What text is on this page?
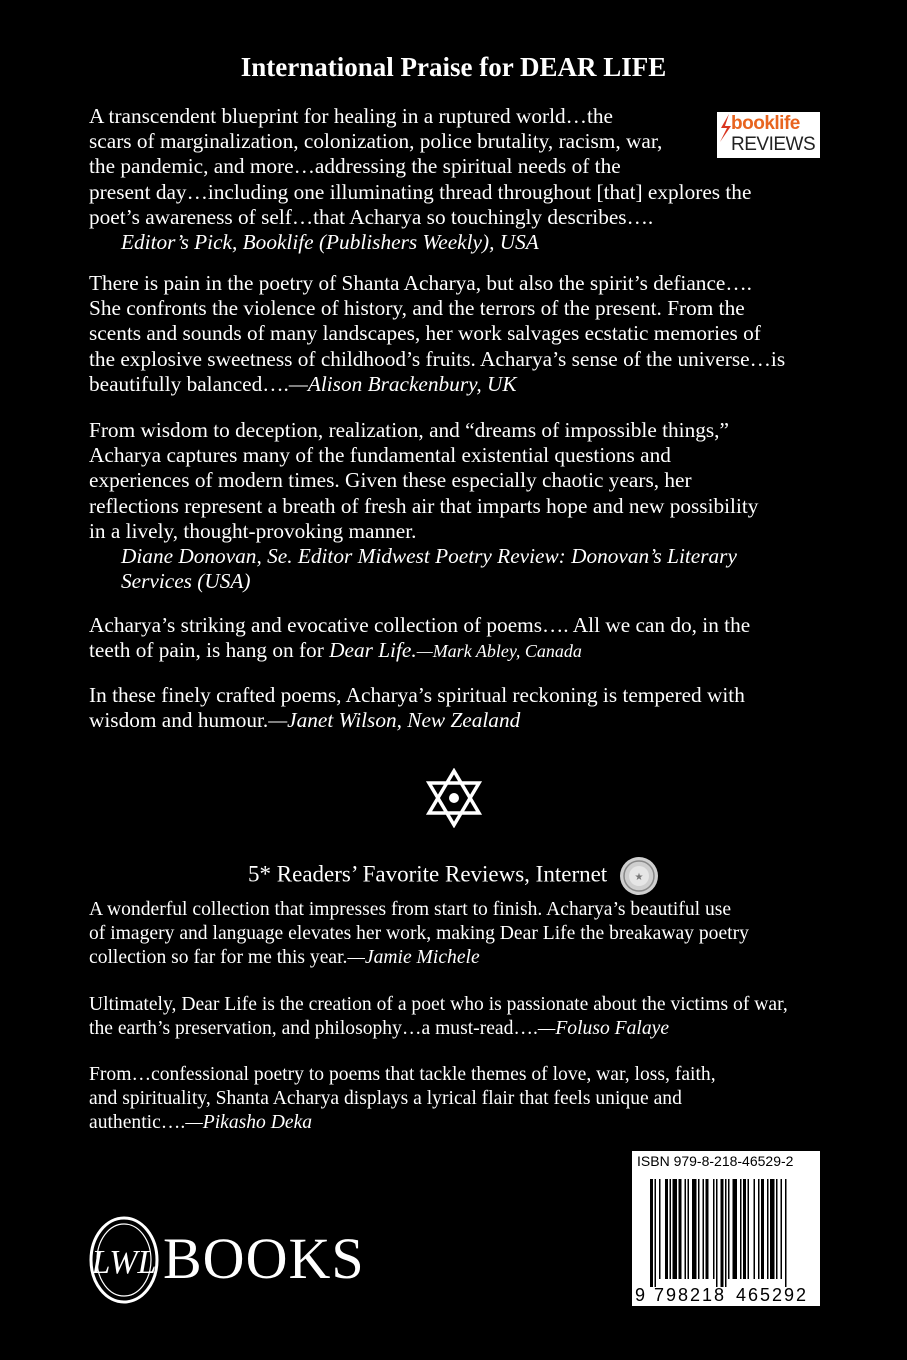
International Praise for DEAR LIFE
booklife
REVIEWS
A transcendent blueprint for healing in a ruptured world…the
scars of marginalization, colonization, police brutality, racism, war,
the pandemic, and more…addressing the spiritual needs of the
present day…including one illuminating thread throughout [that] explores the
poet’s awareness of self…that Acharya so touchingly describes….
Editor’s Pick, Booklife (Publishers Weekly), USA
There is pain in the poetry of Shanta Acharya, but also the spirit’s defiance….
She confronts the violence of history, and the terrors of the present. From the
scents and sounds of many landscapes, her work salvages ecstatic memories of
the explosive sweetness of childhood’s fruits. Acharya’s sense of the universe…is
beautifully balanced….—Alison Brackenbury, UK
From wisdom to deception, realization, and “dreams of impossible things,”
Acharya captures many of the fundamental existential questions and
experiences of modern times. Given these especially chaotic years, her
reflections represent a breath of fresh air that imparts hope and new possibility
in a lively, thought-provoking manner.
Diane Donovan, Se. Editor Midwest Poetry Review: Donovan’s Literary
Services (USA)
Acharya’s striking and evocative collection of poems…. All we can do, in the
teeth of pain, is hang on for Dear Life.—Mark Abley, Canada
In these finely crafted poems, Acharya’s spiritual reckoning is tempered with
wisdom and humour.—Janet Wilson, New Zealand
5* Readers’ Favorite Reviews, Internet	★
A wonderful collection that impresses from start to finish. Acharya’s beautiful use
of imagery and language elevates her work, making Dear Life the breakaway poetry
collection so far for me this year.—Jamie Michele
Ultimately, Dear Life is the creation of a poet who is passionate about the victims of war,
the earth’s preservation, and philosophy…a must-read….—Foluso Falaye
From…confessional poetry to poems that tackle themes of love, war, loss, faith,
and spirituality, Shanta Acharya displays a lyrical flair that feels unique and
authentic….—Pikasho Deka
LWL BOOKS
ISBN 979-8-218-46529-2
9 798218 465292
